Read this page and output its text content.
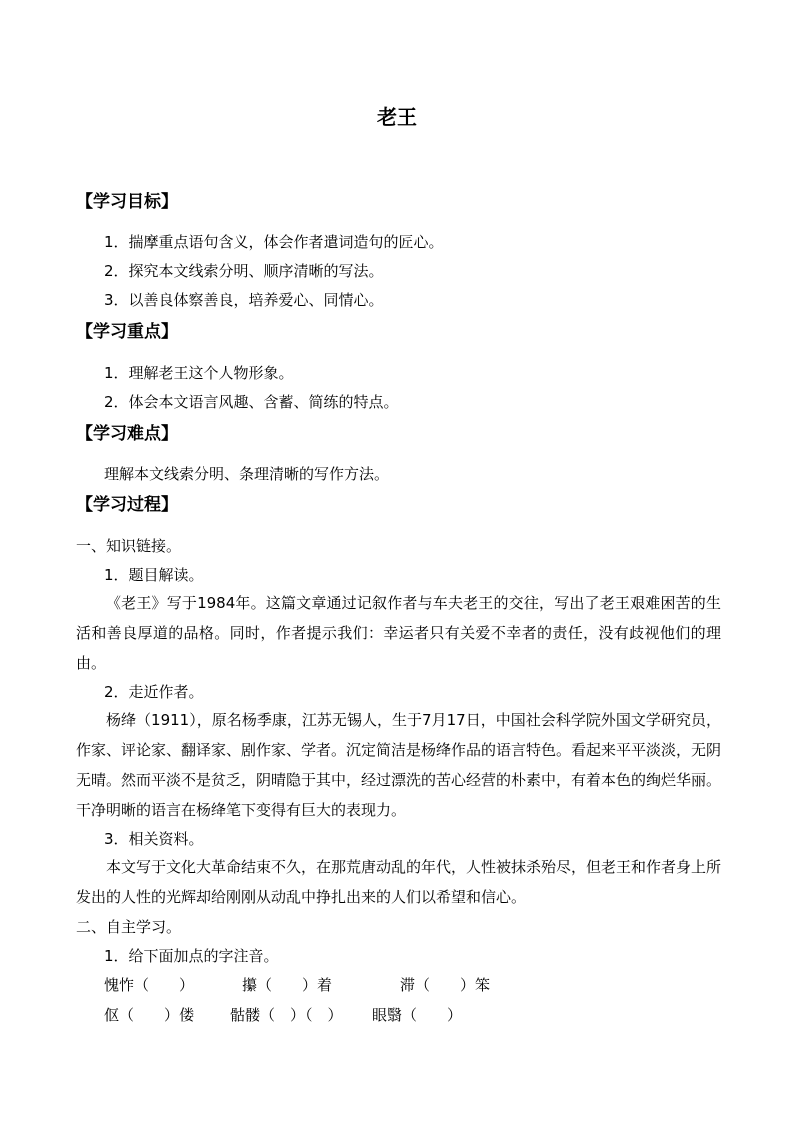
老王
【学习目标】
1．揣摩重点语句含义，体会作者遣词造句的匠心。
2．探究本文线索分明、顺序清晰的写法。
3．以善良体察善良，培养爱心、同情心。
【学习重点】
1．理解老王这个人物形象。
2．体会本文语言风趣、含蓄、简练的特点。
【学习难点】
理解本文线索分明、条理清晰的写作方法。
【学习过程】
一、知识链接。
1．题目解读。
《老王》写于1984年。这篇文章通过记叙作者与车夫老王的交往，写出了老王艰难困苦的生活和善良厚道的品格。同时，作者提示我们：幸运者只有关爱不幸者的责任，没有歧视他们的理由。
2．走近作者。
杨绛（1911），原名杨季康，江苏无锡人，生于7月17日，中国社会科学院外国文学研究员，作家、评论家、翻译家、剧作家、学者。沉定简洁是杨绛作品的语言特色。看起来平平淡淡，无阴无晴。然而平淡不是贫乏，阴晴隐于其中，经过漂洗的苦心经营的朴素中，有着本色的绚烂华丽。干净明晰的语言在杨绛笔下变得有巨大的表现力。
3．相关资料。
本文写于文化大革命结束不久，在那荒唐动乱的年代，人性被抹杀殆尽，但老王和作者身上所发出的人性的光辉却给刚刚从动乱中挣扎出来的人们以希望和信心。
二、自主学习。
1．给下面加点的字注音。
愧怍（　　）	攥（　　）着	滞（　　）笨
伛（　　）偻 骷髅（　）（　） 眼翳（　　）
